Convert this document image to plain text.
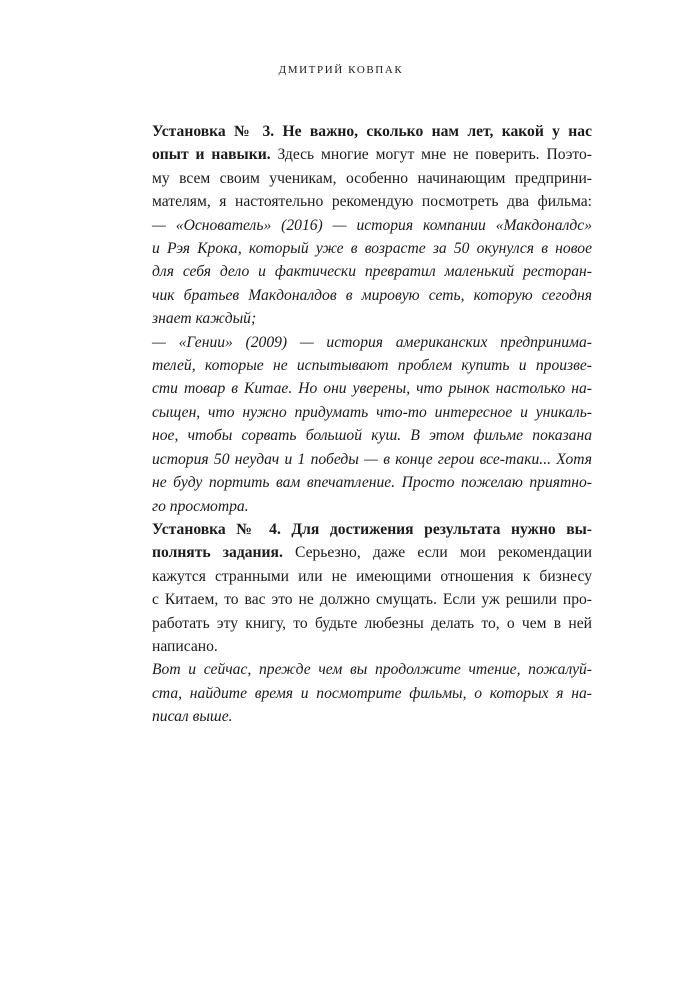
ДМИТРИЙ КОВПАК

Установка № 3. Не важно, сколько нам лет, какой у нас
опыт и навыки. Здесь многие могут мне не поверить. Поэто-
му всем своим ученикам, особенно начинающим предприни-
мателям, я настоятельно рекомендую посмотреть два фильма:
— «Основатель» (2016) — история компании «Макдоналдс»
и Рэя Крока, который уже в возрасте за 50 окунулся в новое
для себя дело и фактически превратил маленький ресторан-
чик братьев Макдоналдов в мировую сеть, которую сегодня
знает каждый;
— «Гении» (2009) — история американских предпринима-
телей, которые не испытывают проблем купить и произве-
сти товар в Китае. Но они уверены, что рынок настолько на-
сыщен, что нужно придумать что-то интересное и уникаль-
ное, чтобы сорвать большой куш. В этом фильме показана
история 50 неудач и 1 победы — в конце герои все-таки... Хотя
не буду портить вам впечатление. Просто пожелаю приятно-
го просмотра.

Установка № 4. Для достижения результата нужно вы-
полнять задания. Серьезно, даже если мои рекомендации
кажутся странными или не имеющими отношения к бизнесу
с Китаем, то вас это не должно смущать. Если уж решили про-
работать эту книгу, то будьте любезны делать то, о чем в ней
написано.

Вот и сейчас, прежде чем вы продолжите чтение, пожалуй-
ста, найдите время и посмотрите фильмы, о которых я на-
писал выше.
